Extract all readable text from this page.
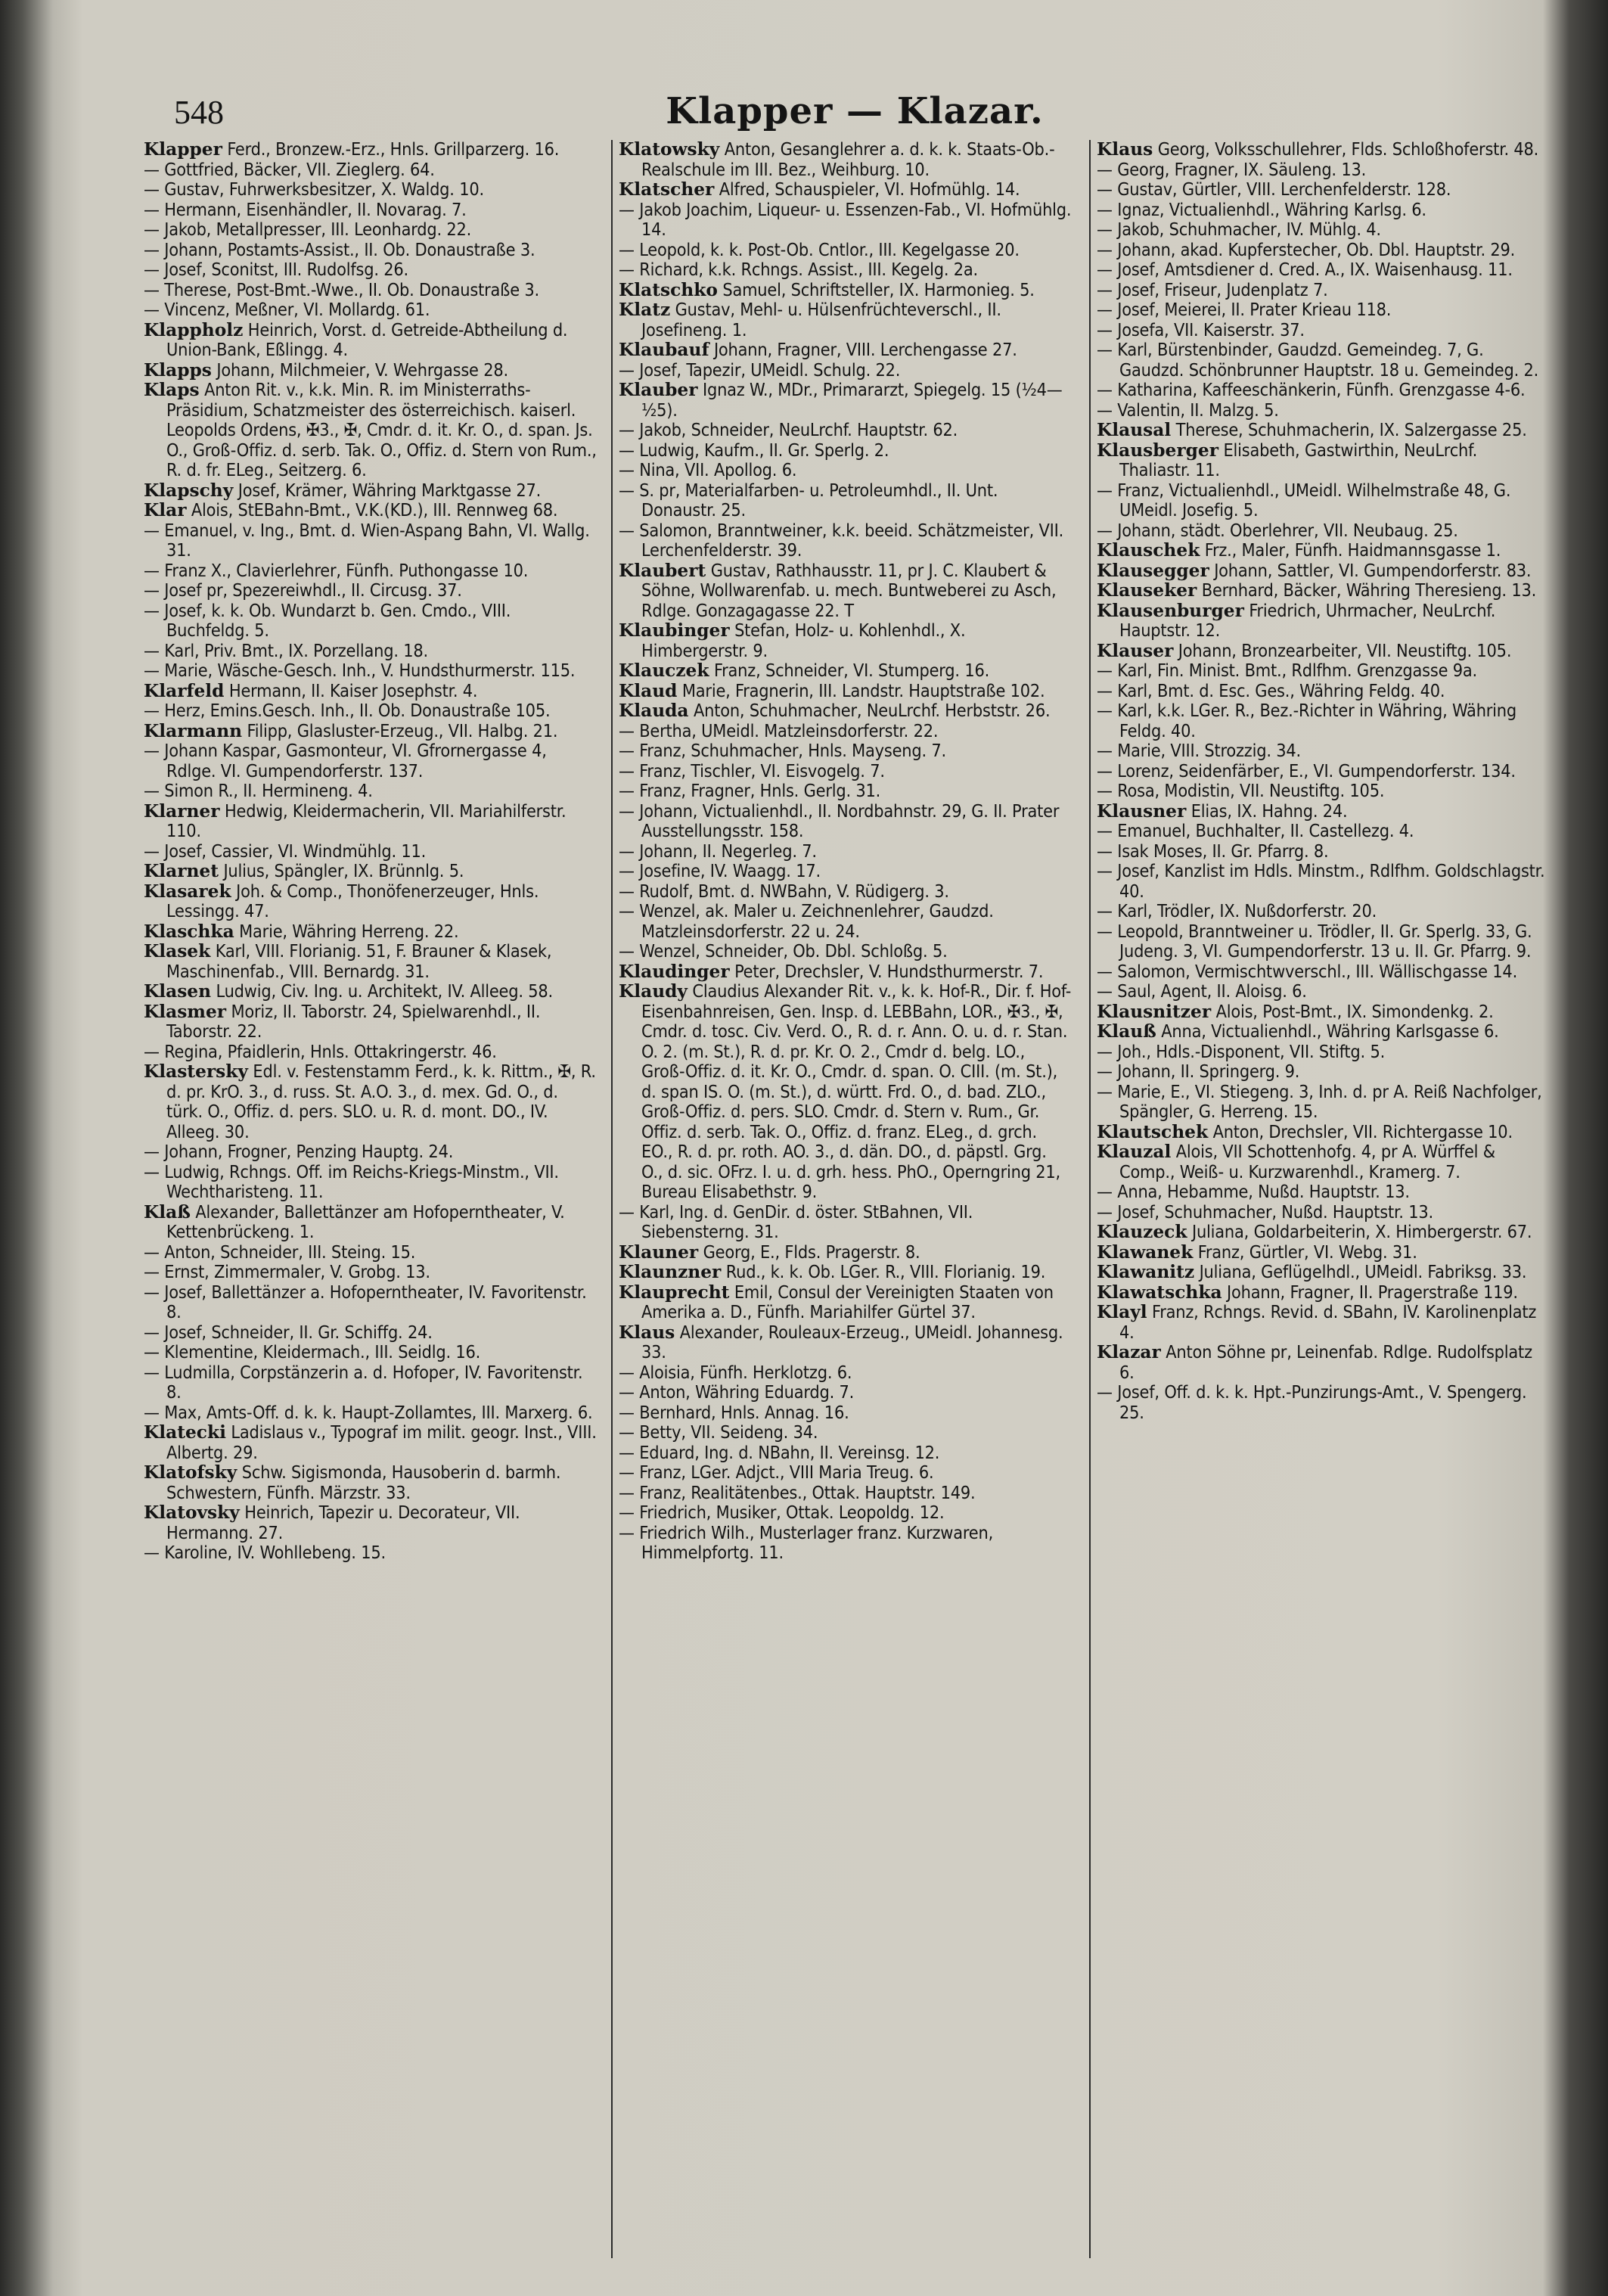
548	Klapper — Klazar.

Klapper Ferd., Bronzew.-Erz., Hnls. Grillparzerg. 16.

— Gottfried, Bäcker, VII. Zieglerg. 64.

— Gustav, Fuhrwerksbesitzer, X. Waldg. 10.

— Hermann, Eisenhändler, II. Novarag. 7.

— Jakob, Metallpresser, III. Leonhardg. 22.

— Johann, Postamts-Assist., II. Ob. Donaustraße 3.

— Josef, Sconitst, III. Rudolfsg. 26.

— Therese, Post-Bmt.-Wwe., II. Ob. Donaustraße 3.

— Vincenz, Meßner, VI. Mollardg. 61.

Klappholz Heinrich, Vorst. d. Getreide-Abtheilung d. Union-Bank, Eßlingg. 4.

Klapps Johann, Milchmeier, V. Wehrgasse 28.

Klaps Anton Rit. v., k.k. Min. R. im Ministerraths-Präsidium, Schatzmeister des österreichisch. kaiserl. Leopolds Ordens, ✠3., ✠, Cmdr. d. it. Kr. O., d. span. Js. O., Groß-Offiz. d. serb. Tak. O., Offiz. d. Stern von Rum., R. d. fr. ELeg., Seitzerg. 6.

Klapschy Josef, Krämer, Währing Marktgasse 27.

Klar Alois, StEBahn-Bmt., V.K.(KD.), III. Rennweg 68.

— Emanuel, v. Ing., Bmt. d. Wien-Aspang Bahn, VI. Wallg. 31.

— Franz X., Clavierlehrer, Fünfh. Puthongasse 10.

— Josef pr, Spezereiwhdl., II. Circusg. 37.

— Josef, k. k. Ob. Wundarzt b. Gen. Cmdo., VIII. Buchfeldg. 5.

— Karl, Priv. Bmt., IX. Porzellang. 18.

— Marie, Wäsche-Gesch. Inh., V. Hundsthurmerstr. 115.

Klarfeld Hermann, II. Kaiser Josephstr. 4.

— Herz, Emins.Gesch. Inh., II. Ob. Donaustraße 105.

Klarmann Filipp, Glasluster-Erzeug., VII. Halbg. 21.

— Johann Kaspar, Gasmonteur, VI. Gfrornergasse 4, Rdlge. VI. Gumpendorferstr. 137.

— Simon R., II. Hermineng. 4.

Klarner Hedwig, Kleidermacherin, VII. Mariahilferstr. 110.

— Josef, Cassier, VI. Windmühlg. 11.

Klarnet Julius, Spängler, IX. Brünnlg. 5.

Klasarek Joh. & Comp., Thonöfenerzeuger, Hnls. Lessingg. 47.

Klaschka Marie, Währing Herreng. 22.

Klasek Karl, VIII. Florianig. 51, F. Brauner & Klasek, Maschinenfab., VIII. Bernardg. 31.

Klasen Ludwig, Civ. Ing. u. Architekt, IV. Alleeg. 58.

Klasmer Moriz, II. Taborstr. 24, Spielwarenhdl., II. Taborstr. 22.

— Regina, Pfaidlerin, Hnls. Ottakringerstr. 46.

Klastersky Edl. v. Festenstamm Ferd., k. k. Rittm., ✠, R. d. pr. KrO. 3., d. russ. St. A.O. 3., d. mex. Gd. O., d. türk. O., Offiz. d. pers. SLO. u. R. d. mont. DO., IV. Alleeg. 30.

— Johann, Frogner, Penzing Hauptg. 24.

— Ludwig, Rchngs. Off. im Reichs-Kriegs-Minstm., VII. Wechtharisteng. 11.

Klaß Alexander, Ballettänzer am Hofoperntheater, V. Kettenbrückeng. 1.

— Anton, Schneider, III. Steing. 15.

— Ernst, Zimmermaler, V. Grobg. 13.

— Josef, Ballettänzer a. Hofoperntheater, IV. Favoritenstr. 8.

— Josef, Schneider, II. Gr. Schiffg. 24.

— Klementine, Kleidermach., III. Seidlg. 16.

— Ludmilla, Corpstänzerin a. d. Hofoper, IV. Favoritenstr. 8.

— Max, Amts-Off. d. k. k. Haupt-Zollamtes, III. Marxerg. 6.

Klatecki Ladislaus v., Typograf im milit. geogr. Inst., VIII. Albertg. 29.

Klatofsky Schw. Sigismonda, Hausoberin d. barmh. Schwestern, Fünfh. Märzstr. 33.

Klatovsky Heinrich, Tapezir u. Decorateur, VII. Hermanng. 27.

— Karoline, IV. Wohllebeng. 15.

Klatowsky Anton, Gesanglehrer a. d. k. k. Staats-Ob.-Realschule im III. Bez., Weihburg. 10.

Klatscher Alfred, Schauspieler, VI. Hofmühlg. 14.

— Jakob Joachim, Liqueur- u. Essenzen-Fab., VI. Hofmühlg. 14.

— Leopold, k. k. Post-Ob. Cntlor., III. Kegelgasse 20.

— Richard, k.k. Rchngs. Assist., III. Kegelg. 2a.

Klatschko Samuel, Schriftsteller, IX. Harmonieg. 5.

Klatz Gustav, Mehl- u. Hülsenfrüchteverschl., II. Josefineng. 1.

Klaubauf Johann, Fragner, VIII. Lerchengasse 27.

— Josef, Tapezir, UMeidl. Schulg. 22.

Klauber Ignaz W., MDr., Primararzt, Spiegelg. 15 (½4—½5).

— Jakob, Schneider, NeuLrchf. Hauptstr. 62.

— Ludwig, Kaufm., II. Gr. Sperlg. 2.

— Nina, VII. Apollog. 6.

— S. pr, Materialfarben- u. Petroleumhdl., II. Unt. Donaustr. 25.

— Salomon, Branntweiner, k.k. beeid. Schätzmeister, VII. Lerchenfelderstr. 39.

Klaubert Gustav, Rathhausstr. 11, pr J. C. Klaubert & Söhne, Wollwarenfab. u. mech. Buntweberei zu Asch, Rdlge. Gonzagagasse 22. T

Klaubinger Stefan, Holz- u. Kohlenhdl., X. Himbergerstr. 9.

Klauczek Franz, Schneider, VI. Stumperg. 16.

Klaud Marie, Fragnerin, III. Landstr. Hauptstraße 102.

Klauda Anton, Schuhmacher, NeuLrchf. Herbststr. 26.

— Bertha, UMeidl. Matzleinsdorferstr. 22.

— Franz, Schuhmacher, Hnls. Mayseng. 7.

— Franz, Tischler, VI. Eisvogelg. 7.

— Franz, Fragner, Hnls. Gerlg. 31.

— Johann, Victualienhdl., II. Nordbahnstr. 29, G. II. Prater Ausstellungsstr. 158.

— Johann, II. Negerleg. 7.

— Josefine, IV. Waagg. 17.

— Rudolf, Bmt. d. NWBahn, V. Rüdigerg. 3.

— Wenzel, ak. Maler u. Zeichnenlehrer, Gaudzd. Matzleinsdorferstr. 22 u. 24.

— Wenzel, Schneider, Ob. Dbl. Schloßg. 5.

Klaudinger Peter, Drechsler, V. Hundsthurmerstr. 7.

Klaudy Claudius Alexander Rit. v., k. k. Hof-R., Dir. f. Hof-Eisenbahnreisen, Gen. Insp. d. LEBBahn, LOR., ✠3., ✠, Cmdr. d. tosc. Civ. Verd. O., R. d. r. Ann. O. u. d. r. Stan. O. 2. (m. St.), R. d. pr. Kr. O. 2., Cmdr d. belg. LO., Groß-Offiz. d. it. Kr. O., Cmdr. d. span. O. CIII. (m. St.), d. span IS. O. (m. St.), d. württ. Frd. O., d. bad. ZLO., Groß-Offiz. d. pers. SLO. Cmdr. d. Stern v. Rum., Gr. Offiz. d. serb. Tak. O., Offiz. d. franz. ELeg., d. grch. EO., R. d. pr. roth. AO. 3., d. dän. DO., d. päpstl. Grg. O., d. sic. OFrz. I. u. d. grh. hess. PhO., Operngring 21, Bureau Elisabethstr. 9.

— Karl, Ing. d. GenDir. d. öster. StBahnen, VII. Siebensterng. 31.

Klauner Georg, E., Flds. Pragerstr. 8.

Klaunzner Rud., k. k. Ob. LGer. R., VIII. Florianig. 19.

Klauprecht Emil, Consul der Vereinigten Staaten von Amerika a. D., Fünfh. Mariahilfer Gürtel 37.

Klaus Alexander, Rouleaux-Erzeug., UMeidl. Johannesg. 33.

— Aloisia, Fünfh. Herklotzg. 6.

— Anton, Währing Eduardg. 7.

— Bernhard, Hnls. Annag. 16.

— Betty, VII. Seideng. 34.

— Eduard, Ing. d. NBahn, II. Vereinsg. 12.

— Franz, LGer. Adjct., VIII Maria Treug. 6.

— Franz, Realitätenbes., Ottak. Hauptstr. 149.

— Friedrich, Musiker, Ottak. Leopoldg. 12.

— Friedrich Wilh., Musterlager franz. Kurzwaren, Himmelpfortg. 11.

Klaus Georg, Volksschullehrer, Flds. Schloßhoferstr. 48.

— Georg, Fragner, IX. Säuleng. 13.

— Gustav, Gürtler, VIII. Lerchenfelderstr. 128.

— Ignaz, Victualienhdl., Währing Karlsg. 6.

— Jakob, Schuhmacher, IV. Mühlg. 4.

— Johann, akad. Kupferstecher, Ob. Dbl. Hauptstr. 29.

— Josef, Amtsdiener d. Cred. A., IX. Waisenhausg. 11.

— Josef, Friseur, Judenplatz 7.

— Josef, Meierei, II. Prater Krieau 118.

— Josefa, VII. Kaiserstr. 37.

— Karl, Bürstenbinder, Gaudzd. Gemeindeg. 7, G. Gaudzd. Schönbrunner Hauptstr. 18 u. Gemeindeg. 2.

— Katharina, Kaffeeschänkerin, Fünfh. Grenzgasse 4-6.

— Valentin, II. Malzg. 5.

Klausal Therese, Schuhmacherin, IX. Salzergasse 25.

Klausberger Elisabeth, Gastwirthin, NeuLrchf. Thaliastr. 11.

— Franz, Victualienhdl., UMeidl. Wilhelmstraße 48, G. UMeidl. Josefig. 5.

— Johann, städt. Oberlehrer, VII. Neubaug. 25.

Klauschek Frz., Maler, Fünfh. Haidmannsgasse 1.

Klausegger Johann, Sattler, VI. Gumpendorferstr. 83.

Klauseker Bernhard, Bäcker, Währing Theresieng. 13.

Klausenburger Friedrich, Uhrmacher, NeuLrchf. Hauptstr. 12.

Klauser Johann, Bronzearbeiter, VII. Neustiftg. 105.

— Karl, Fin. Minist. Bmt., Rdlfhm. Grenzgasse 9a.

— Karl, Bmt. d. Esc. Ges., Währing Feldg. 40.

— Karl, k.k. LGer. R., Bez.-Richter in Währing, Währing Feldg. 40.

— Marie, VIII. Strozzig. 34.

— Lorenz, Seidenfärber, E., VI. Gumpendorferstr. 134.

— Rosa, Modistin, VII. Neustiftg. 105.

Klausner Elias, IX. Hahng. 24.

— Emanuel, Buchhalter, II. Castellezg. 4.

— Isak Moses, II. Gr. Pfarrg. 8.

— Josef, Kanzlist im Hdls. Minstm., Rdlfhm. Goldschlagstr. 40.

— Karl, Trödler, IX. Nußdorferstr. 20.

— Leopold, Branntweiner u. Trödler, II. Gr. Sperlg. 33, G. Judeng. 3, VI. Gumpendorferstr. 13 u. II. Gr. Pfarrg. 9.

— Salomon, Vermischtwverschl., III. Wällischgasse 14.

— Saul, Agent, II. Aloisg. 6.

Klausnitzer Alois, Post-Bmt., IX. Simondenkg. 2.

Klauß Anna, Victualienhdl., Währing Karlsgasse 6.

— Joh., Hdls.-Disponent, VII. Stiftg. 5.

— Johann, II. Springerg. 9.

— Marie, E., VI. Stiegeng. 3, Inh. d. pr A. Reiß Nachfolger, Spängler, G. Herreng. 15.

Klautschek Anton, Drechsler, VII. Richtergasse 10.

Klauzal Alois, VII Schottenhofg. 4, pr A. Würffel & Comp., Weiß- u. Kurzwarenhdl., Kramerg. 7.

— Anna, Hebamme, Nußd. Hauptstr. 13.

— Josef, Schuhmacher, Nußd. Hauptstr. 13.

Klauzeck Juliana, Goldarbeiterin, X. Himbergerstr. 67.

Klawanek Franz, Gürtler, VI. Webg. 31.

Klawanitz Juliana, Geflügelhdl., UMeidl. Fabriksg. 33.

Klawatschka Johann, Fragner, II. Pragerstraße 119.

Klayl Franz, Rchngs. Revid. d. SBahn, IV. Karolinenplatz 4.

Klazar Anton Söhne pr, Leinenfab. Rdlge. Rudolfsplatz 6.

— Josef, Off. d. k. k. Hpt.-Punzirungs-Amt., V. Spengerg. 25.
